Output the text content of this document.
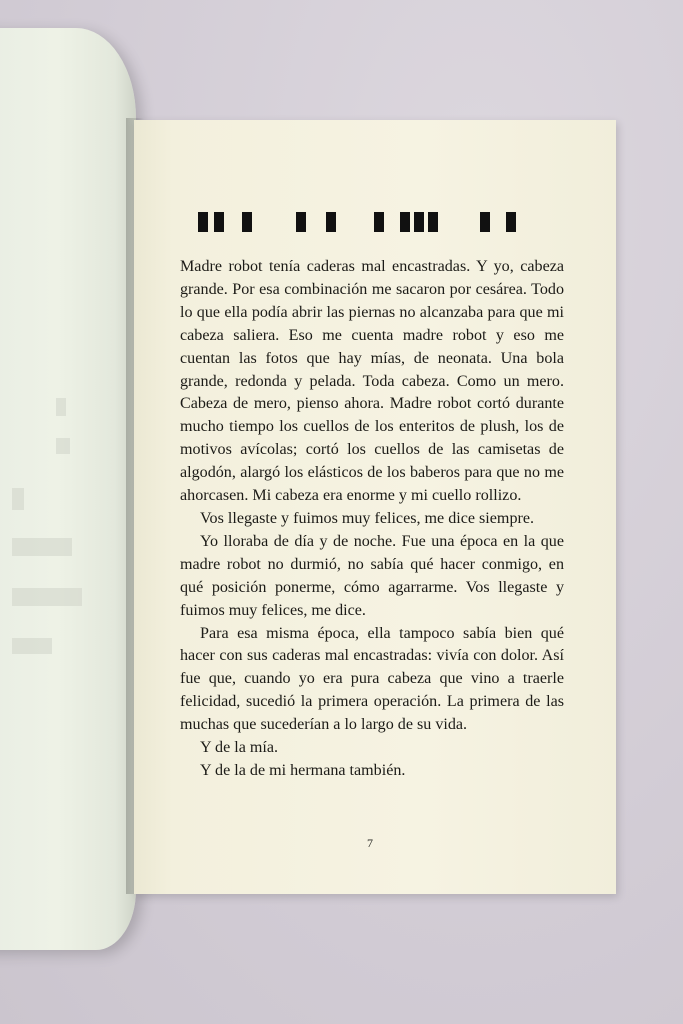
Madre robot tenía caderas mal encastradas. Y yo, cabeza grande. Por esa combinación me sacaron por cesárea. Todo lo que ella podía abrir las piernas no alcanzaba para que mi cabeza saliera. Eso me cuenta madre robot y eso me cuentan las fotos que hay mías, de neonata. Una bola grande, redonda y pelada. Toda cabeza. Como un mero. Cabeza de mero, pienso ahora. Madre robot cortó durante mucho tiempo los cuellos de los enteritos de plush, los de motivos avícolas; cortó los cuellos de las camisetas de algodón, alargó los elásticos de los baberos para que no me ahorcasen. Mi cabeza era enorme y mi cuello rollizo.

Vos llegaste y fuimos muy felices, me dice siempre.

Yo lloraba de día y de noche. Fue una época en la que madre robot no durmió, no sabía qué hacer conmigo, en qué posición ponerme, cómo agarrarme. Vos llegaste y fuimos muy felices, me dice.

Para esa misma época, ella tampoco sabía bien qué hacer con sus caderas mal encastradas: vivía con dolor. Así fue que, cuando yo era pura cabeza que vino a traerle felicidad, sucedió la primera operación. La primera de las muchas que sucederían a lo largo de su vida.

Y de la mía.

Y de la de mi hermana también.

7
